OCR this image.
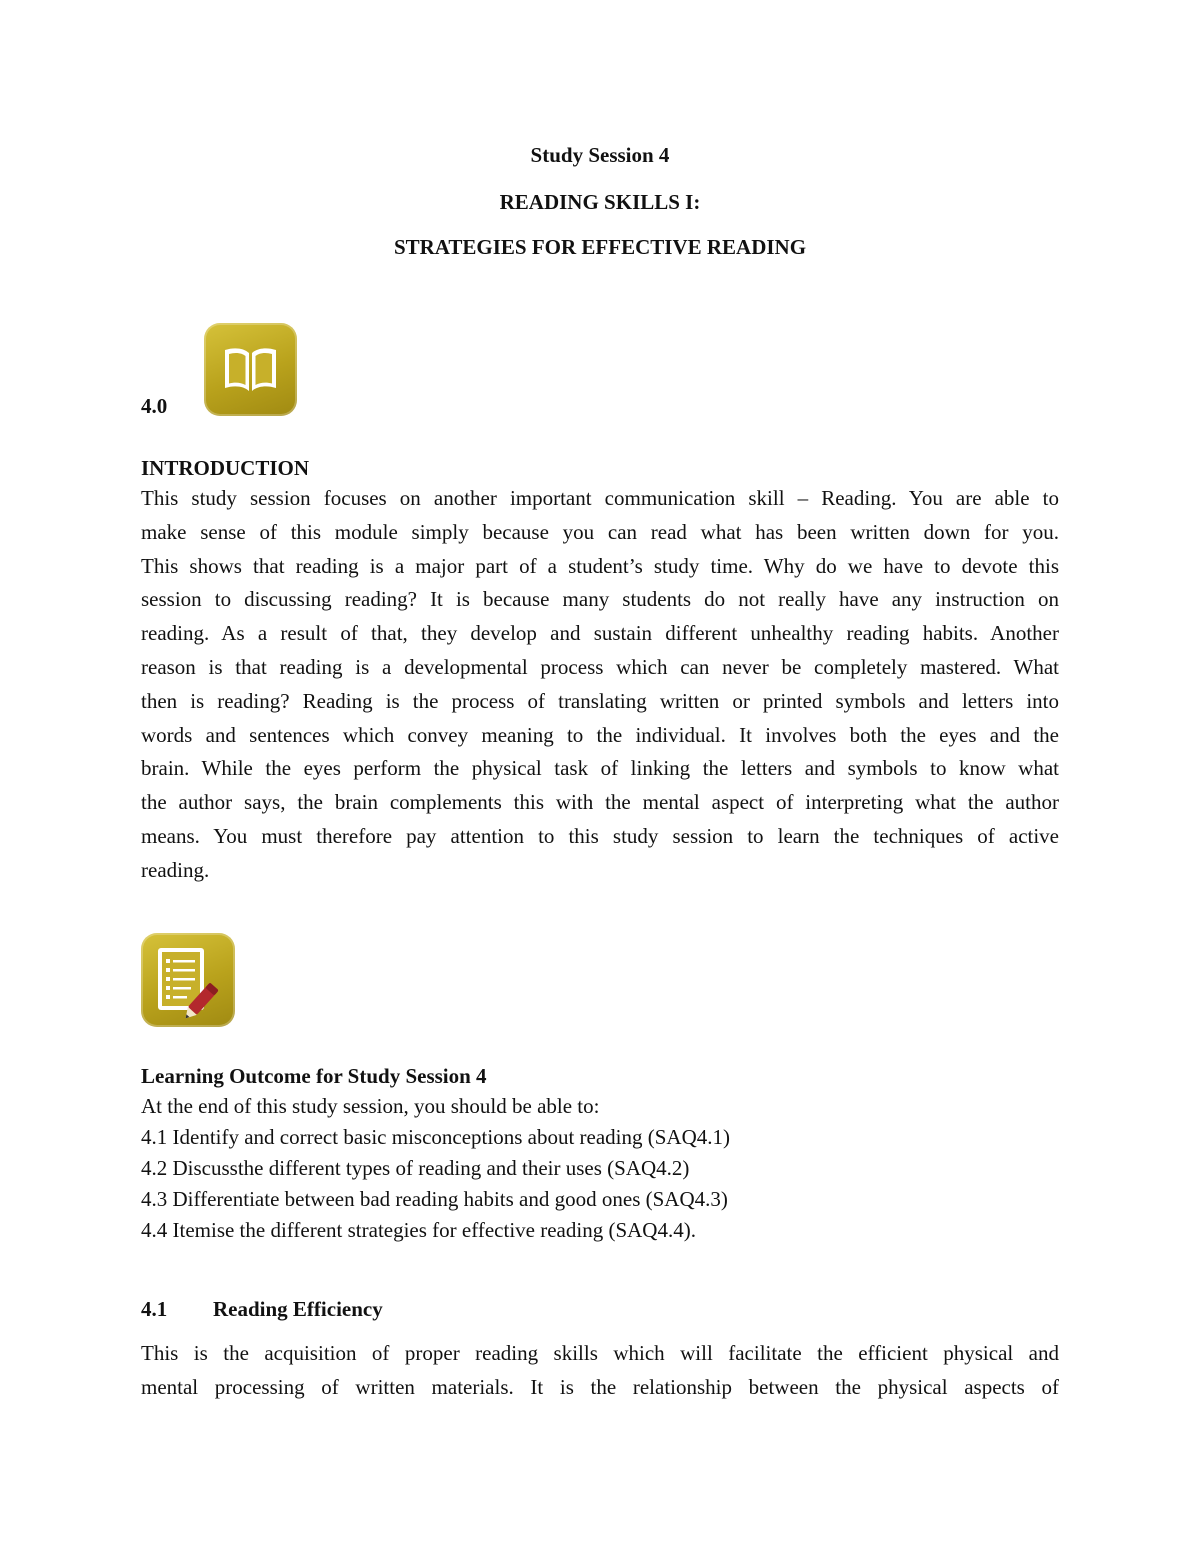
Study Session 4
READING SKILLS I:
STRATEGIES FOR EFFECTIVE READING
4.0
INTRODUCTION
This study session focuses on another important communication skill – Reading. You are able to
make sense of this module simply because you can read what has been written down for you.
This shows that reading is a major part of a student’s study time. Why do we have to devote this
session to discussing reading? It is because many students do not really have any instruction on
reading. As a result of that, they develop and sustain different unhealthy reading habits. Another
reason is that reading is a developmental process which can never be completely mastered. What
then is reading? Reading is the process of translating written or printed symbols and letters into
words and sentences which convey meaning to the individual. It involves both the eyes and the
brain. While the eyes perform the physical task of linking the letters and symbols to know what
the author says, the brain complements this with the mental aspect of interpreting what the author
means. You must therefore pay attention to this study session to learn the techniques of active
reading.
Learning Outcome for Study Session 4
At the end of this study session, you should be able to:
4.1 Identify and correct basic misconceptions about reading (SAQ4.1)
4.2 Discussthe different types of reading and their uses (SAQ4.2)
4.3 Differentiate between bad reading habits and good ones (SAQ4.3)
4.4 Itemise the different strategies for effective reading (SAQ4.4).
4.1 Reading Efficiency
This is the acquisition of proper reading skills which will facilitate the efficient physical and
mental processing of written materials. It is the relationship between the physical aspects of
